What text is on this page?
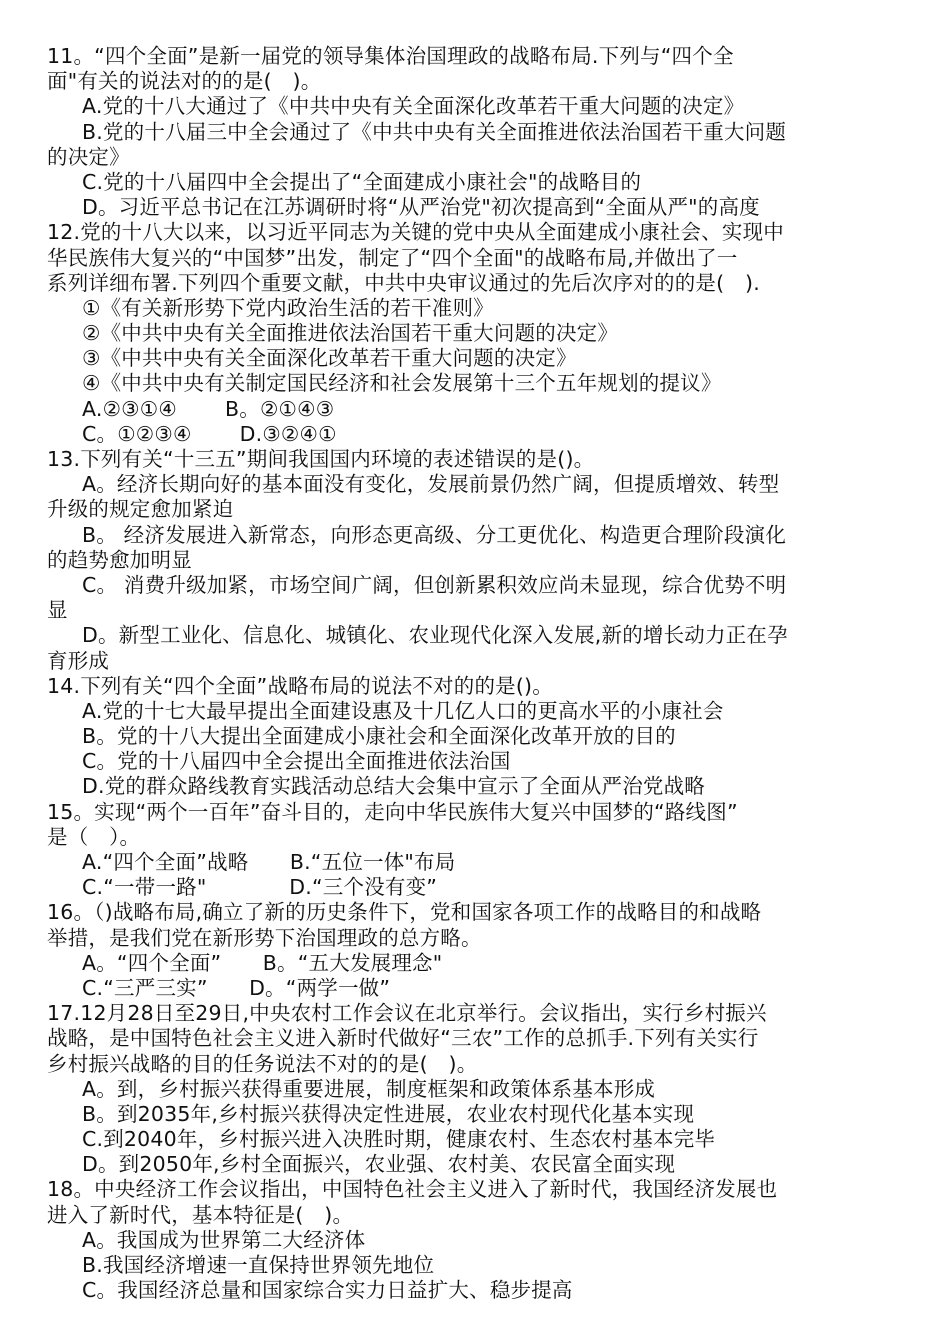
11。“四个全面”是新一届党的领导集体治国理政的战略布局.下列与“四个全
面"有关的说法对的的是(　)。
A.党的十八大通过了《中共中央有关全面深化改革若干重大问题的决定》
B.党的十八届三中全会通过了《中共中央有关全面推进依法治国若干重大问题
的决定》
C.党的十八届四中全会提出了“全面建成小康社会"的战略目的
D。习近平总书记在江苏调研时将“从严治党"初次提高到“全面从严"的高度
12.党的十八大以来，以习近平同志为关键的党中央从全面建成小康社会、实现中
华民族伟大复兴的“中国梦”出发，制定了“四个全面"的战略布局,并做出了一
系列详细布署.下列四个重要文献，中共中央审议通过的先后次序对的的是(　).
①《有关新形势下党内政治生活的若干准则》
②《中共中央有关全面推进依法治国若干重大问题的决定》
③《中共中央有关全面深化改革若干重大问题的决定》
④《中共中央有关制定国民经济和社会发展第十三个五年规划的提议》
A.②③①④　　 B。②①④③
C。①②③④　　 D.③②④①
13.下列有关“十三五”期间我国国内环境的表述错误的是()。
A。经济长期向好的基本面没有变化，发展前景仍然广阔，但提质增效、转型
升级的规定愈加紧迫
B。 经济发展进入新常态，向形态更高级、分工更优化、构造更合理阶段演化
的趋势愈加明显
C。 消费升级加紧，市场空间广阔，但创新累积效应尚未显现，综合优势不明
显
D。新型工业化、信息化、城镇化、农业现代化深入发展,新的增长动力正在孕
育形成
14.下列有关“四个全面”战略布局的说法不对的的是()。
A.党的十七大最早提出全面建设惠及十几亿人口的更高水平的小康社会
B。党的十八大提出全面建成小康社会和全面深化改革开放的目的
C。党的十八届四中全会提出全面推进依法治国
D.党的群众路线教育实践活动总结大会集中宣示了全面从严治党战略
15。实现“两个一百年”奋斗目的，走向中华民族伟大复兴中国梦的“路线图”
是（　）。
A.“四个全面”战略　　B.“五位一体"布局
C.“一带一路"　　　　D.“三个没有变”
16。（)战略布局,确立了新的历史条件下，党和国家各项工作的战略目的和战略
举措，是我们党在新形势下治国理政的总方略。
A。“四个全面”　　B。“五大发展理念"
C.“三严三实”　　D。“两学一做”
17.12月28日至29日,中央农村工作会议在北京举行。会议指出，实行乡村振兴
战略，是中国特色社会主义进入新时代做好“三农”工作的总抓手.下列有关实行
乡村振兴战略的目的任务说法不对的的是(　)。
A。到，乡村振兴获得重要进展，制度框架和政策体系基本形成
B。到2035年,乡村振兴获得决定性进展，农业农村现代化基本实现
C.到2040年，乡村振兴进入决胜时期，健康农村、生态农村基本完毕
D。到2050年,乡村全面振兴，农业强、农村美、农民富全面实现
18。中央经济工作会议指出，中国特色社会主义进入了新时代，我国经济发展也
进入了新时代，基本特征是(　)。
A。我国成为世界第二大经济体
B.我国经济增速一直保持世界领先地位
C。我国经济总量和国家综合实力日益扩大、稳步提高
